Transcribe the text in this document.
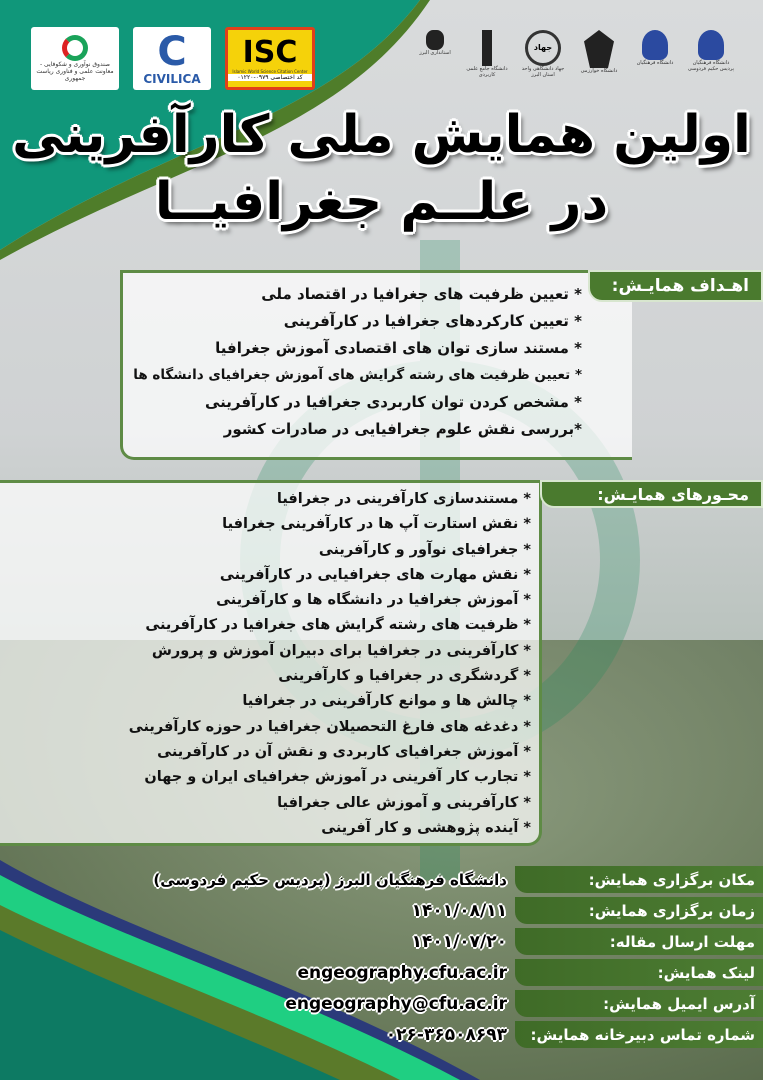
صندوق نوآوری و شکوفایی - معاونت علمی و فناوری ریاست جمهوری
C
CIVILICA
ISC
Islamic World Science Citation Center
کد اختصاصی ۰۹۷۹-۰۱۲۲۰
دانشگاه فرهنگیان پردیس حکیم فردوسی
دانشگاه فرهنگیان
دانشگاه خوارزمی
جهاد
جهاد دانشگاهی واحد استان البرز
دانشگاه جامع علمی کاربردی
استانداری البرز
اولین همایش ملی کارآفرینی
در علــم جغرافیــا
* تعیین ظرفیت های جغرافیا در اقتصاد ملی
* تعیین کارکردهای جغرافیا در کارآفرینی
* مستند سازی توان های اقتصادی آموزش جغرافیا
* تعیین ظرفیت های رشته گرایش های آموزش جغرافیای دانشگاه ها
* مشخص کردن توان کاربردی جغرافیا در کارآفرینی
*بررسی نقش علوم جغرافیایی در صادرات کشور
اهـداف همایـش:
* مستندسازی کارآفرینی در جغرافیا
* نقش استارت آپ ها در کارآفرینی جغرافیا
* جغرافیای نوآور و کارآفرینی
* نقش مهارت های جغرافیایی در کارآفرینی
* آموزش جغرافیا در دانشگاه ها و کارآفرینی
* ظرفیت های رشته گرایش های جغرافیا در کارآفرینی
* کارآفرینی در جغرافیا برای دبیران آموزش و پرورش
* گردشگری در جغرافیا و کارآفرینی
* چالش ها و موانع کارآفرینی در جغرافیا
* دغدغه های فارغ التحصیلان جغرافیا در حوزه کارآفرینی
* آموزش جغرافیای کاربردی و نقش آن در کارآفرینی
* تجارب کار آفرینی در آموزش جغرافیای ایران و جهان
* کارآفرینی و آموزش عالی جغرافیا
* آینده پژوهشی و کار آفرینی
محـورهای همایـش:
مکان برگزاری همایش:
دانشگاه فرهنگیان البرز (پردیس حکیم فردوسی)
زمان برگزاری همایش:
۱۴۰۱/۰۸/۱۱
مهلت ارسال مقاله:
۱۴۰۱/۰۷/۲۰
لینک همایش:
engeography.cfu.ac.ir
آدرس ایمیل همایش:
engeography@cfu.ac.ir
شماره تماس دبیرخانه همایش:
۰۲۶-۳۶۵۰۸۶۹۳
